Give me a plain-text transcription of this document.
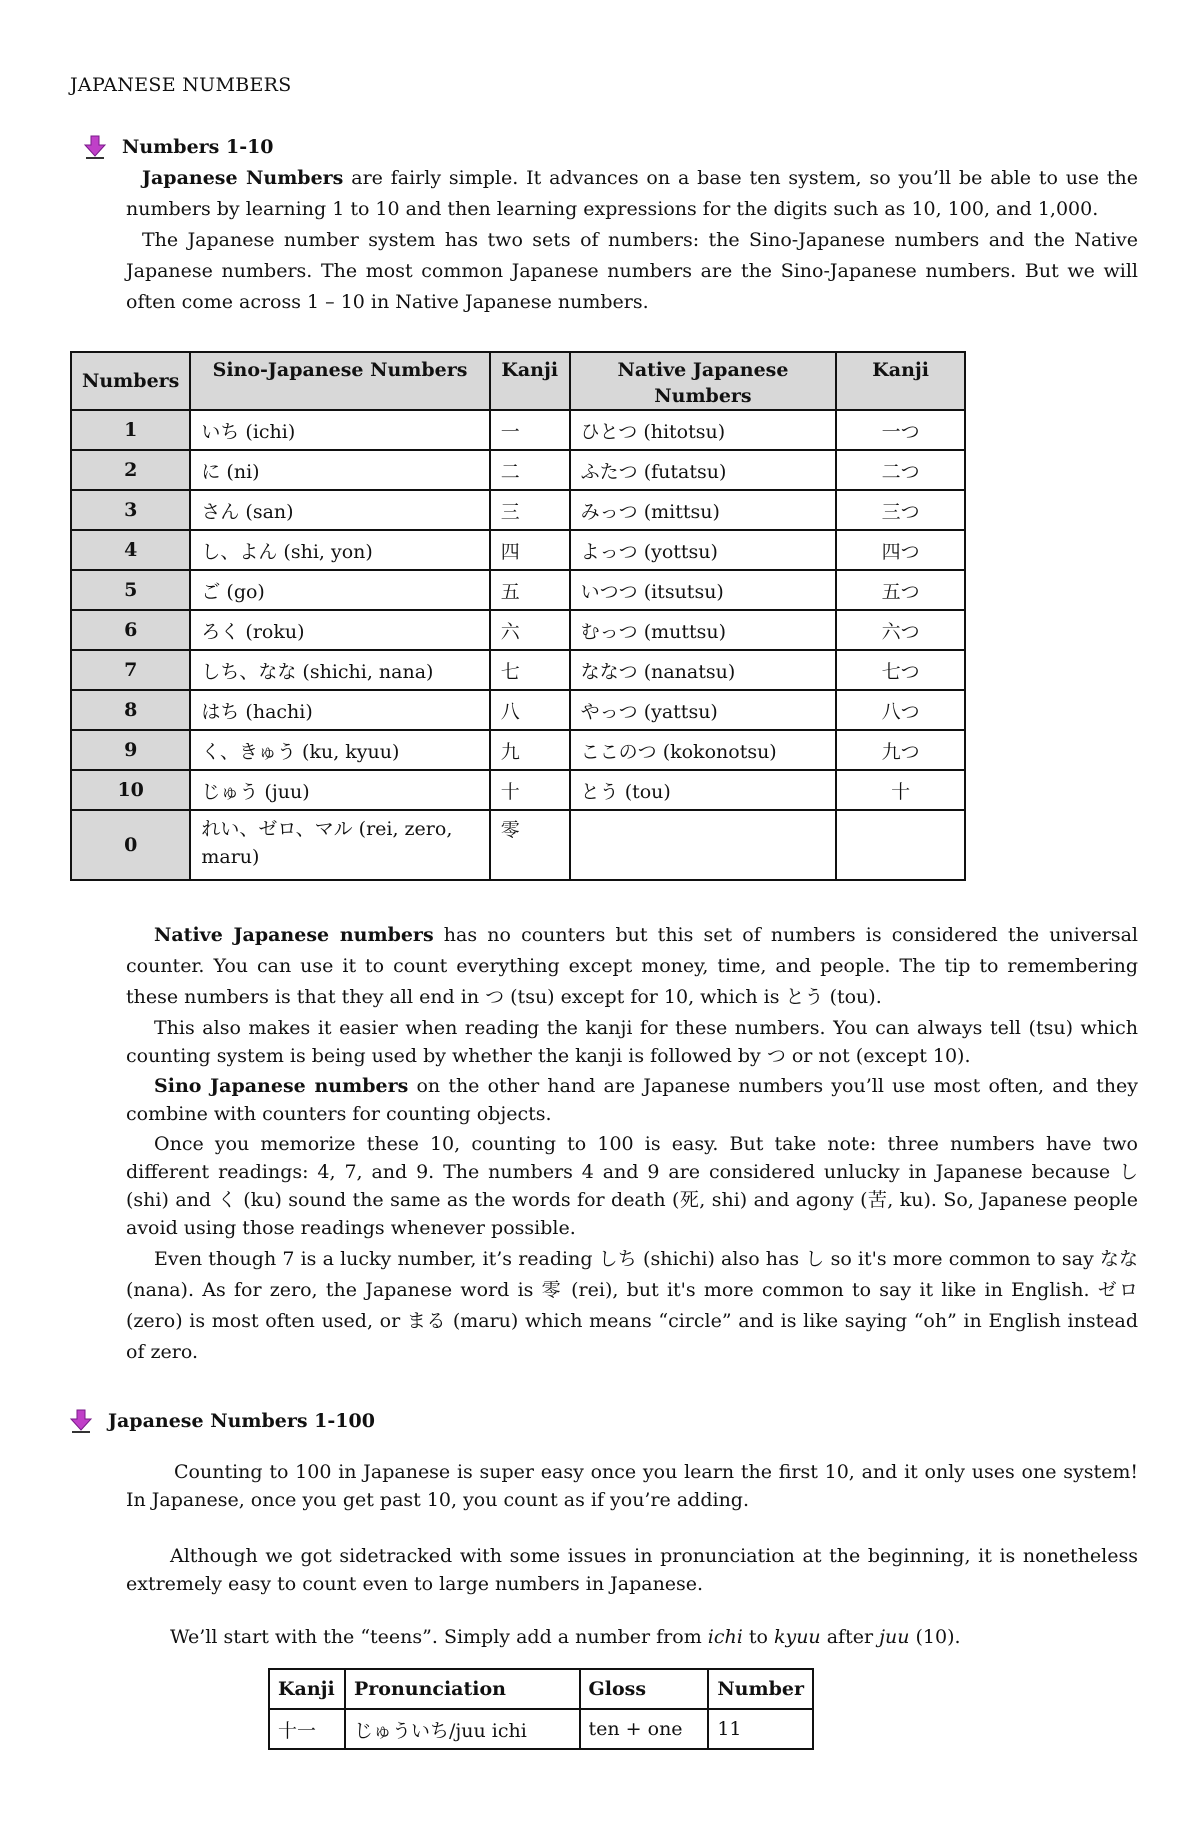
JAPANESE NUMBERS
Numbers 1-10

Japanese Numbers are fairly simple. It advances on a base ten system, so you’ll be able to use the numbers by learning 1 to 10 and then learning expressions for the digits such as 10, 100, and 1,000.

The Japanese number system has two sets of numbers: the Sino-Japanese numbers and the Native Japanese numbers. The most common Japanese numbers are the Sino-Japanese numbers. But we will often come across 1 – 10 in Native Japanese numbers.

Numbers	Sino-Japanese Numbers	Kanji	Native Japanese Numbers	Kanji
1	いち (ichi)	一	ひとつ (hitotsu)	一つ
2	に (ni)	二	ふたつ (futatsu)	二つ
3	さん (san)	三	みっつ (mittsu)	三つ
4	し、よん (shi, yon)	四	よっつ (yottsu)	四つ
5	ご (go)	五	いつつ (itsutsu)	五つ
6	ろく (roku)	六	むっつ (muttsu)	六つ
7	しち、なな (shichi, nana)	七	ななつ (nanatsu)	七つ
8	はち (hachi)	八	やっつ (yattsu)	八つ
9	く、きゅう (ku, kyuu)	九	ここのつ (kokonotsu)	九つ
10	じゅう (juu)	十	とう (tou)	十
0	れい、ゼロ、マル (rei, zero, maru)	零		

Native Japanese numbers has no counters but this set of numbers is considered the universal counter. You can use it to count everything except money, time, and people. The tip to remembering these numbers is that they all end in つ (tsu) except for 10, which is とう (tou).

This also makes it easier when reading the kanji for these numbers. You can always tell (tsu) which counting system is being used by whether the kanji is followed by つ or not (except 10).

Sino Japanese numbers on the other hand are Japanese numbers you’ll use most often, and they combine with counters for counting objects.

Once you memorize these 10, counting to 100 is easy. But take note: three numbers have two different readings: 4, 7, and 9. The numbers 4 and 9 are considered unlucky in Japanese because し (shi) and く (ku) sound the same as the words for death (死, shi) and agony (苦, ku). So, Japanese people avoid using those readings whenever possible.

Even though 7 is a lucky number, it’s reading しち (shichi) also has し so it's more common to say なな (nana). As for zero, the Japanese word is 零 (rei), but it's more common to say it like in English. ゼロ (zero) is most often used, or まる (maru) which means “circle” and is like saying “oh” in English instead of zero.

Japanese Numbers 1-100

Counting to 100 in Japanese is super easy once you learn the first 10, and it only uses one system! In Japanese, once you get past 10, you count as if you’re adding.

Although we got sidetracked with some issues in pronunciation at the beginning, it is nonetheless extremely easy to count even to large numbers in Japanese.

We’ll start with the “teens”. Simply add a number from ichi to kyuu after juu (10).

Kanji	Pronunciation	Gloss	Number
十一	じゅういち/juu ichi	ten + one	11
